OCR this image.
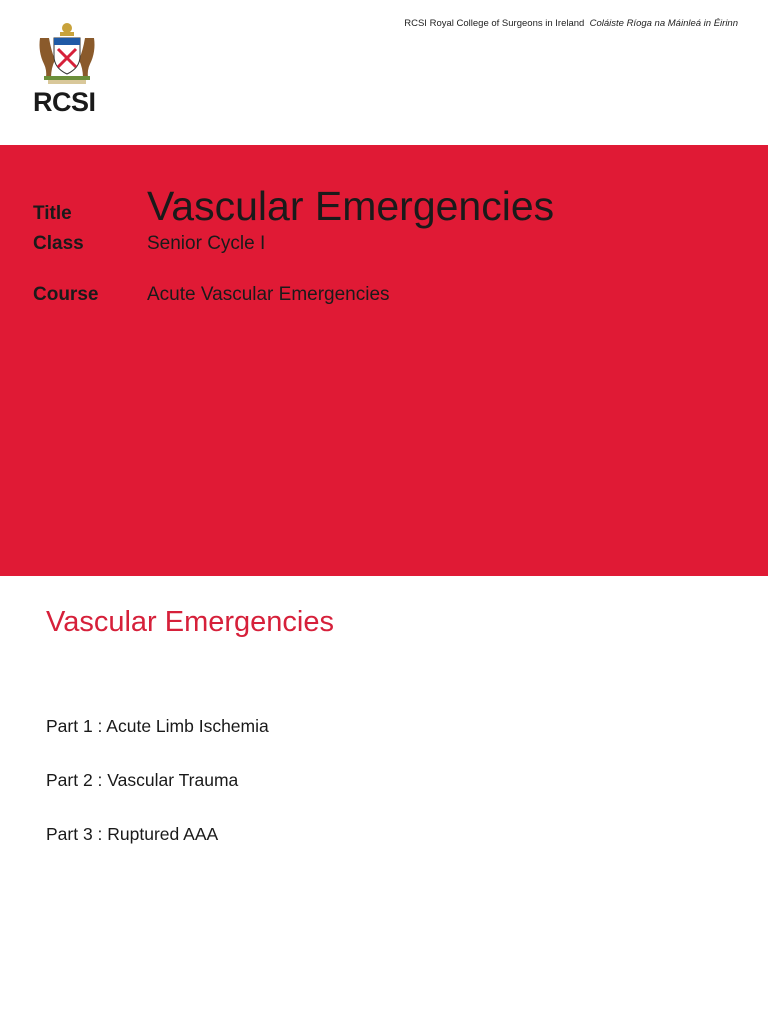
RCSI
RCSI Royal College of Surgeons in Ireland Coláiste Ríoga na Máinleá in Éirinn
Title Vascular Emergencies
Class	Senior Cycle I
Course	Acute Vascular Emergencies
Vascular Emergencies
Part 1 : Acute Limb Ischemia
Part 2 : Vascular Trauma
Part 3 : Ruptured AAA
